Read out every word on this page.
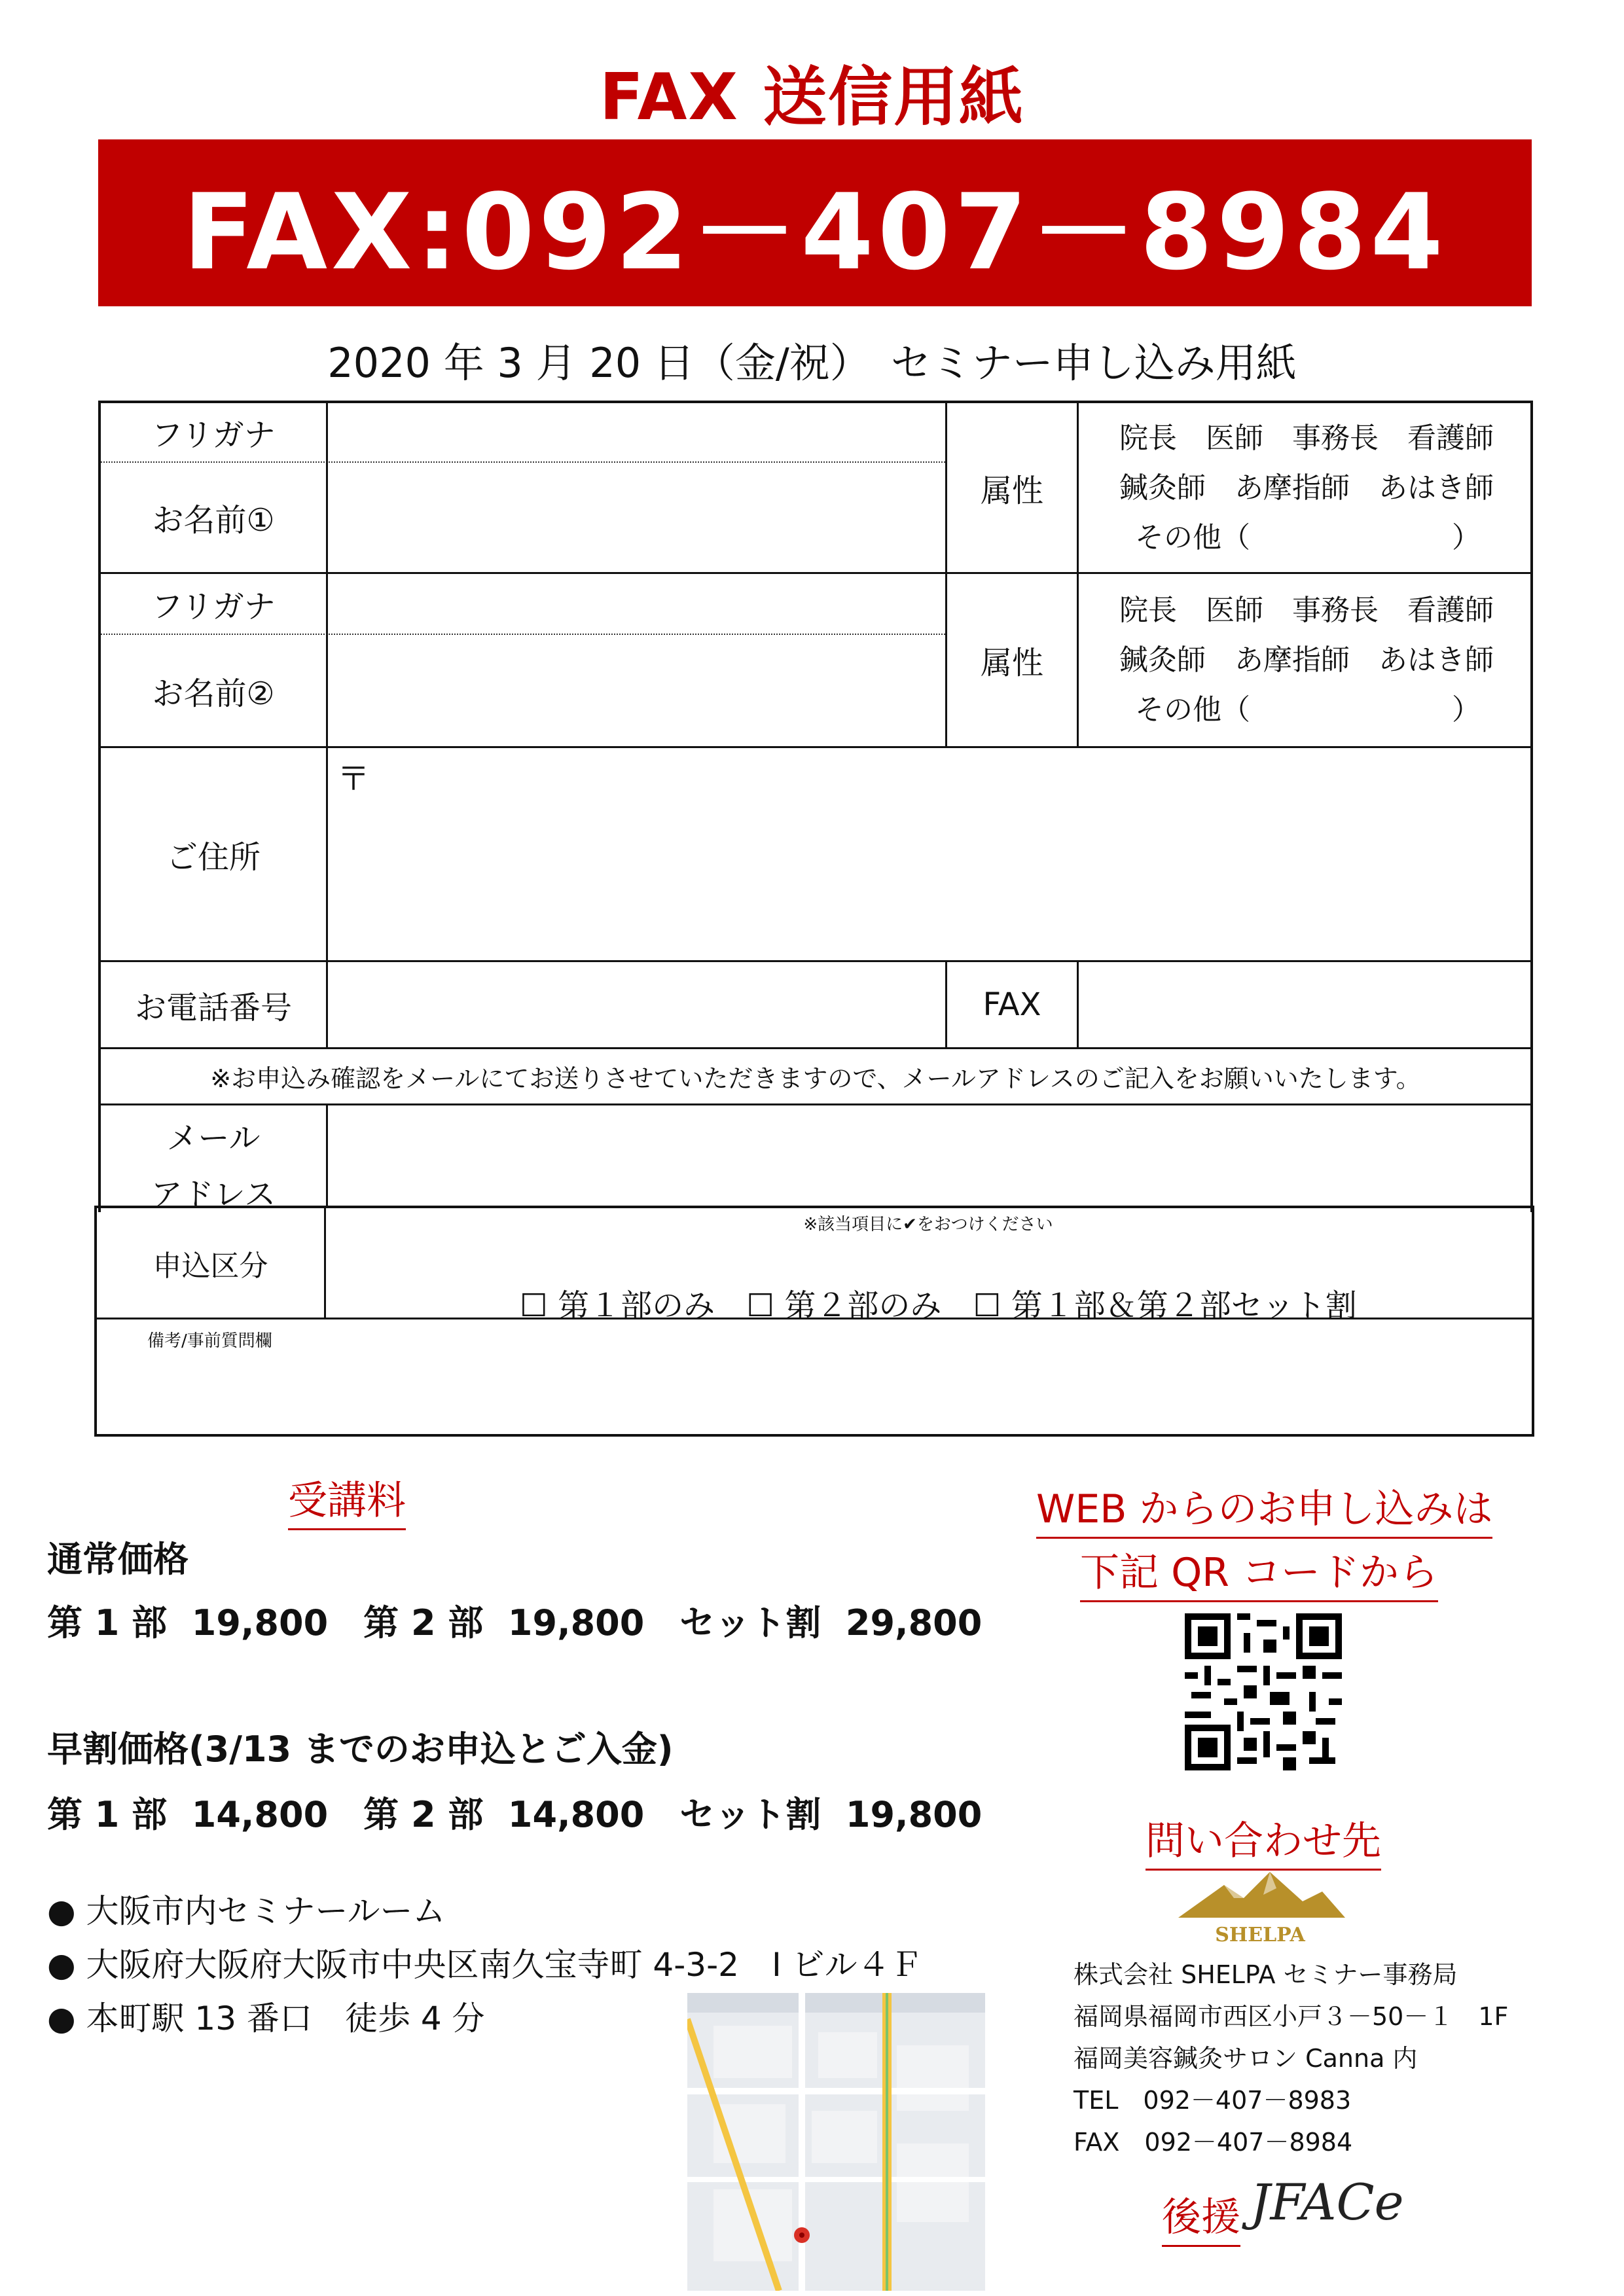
FAX 送信用紙
FAX:092－407－8984
2020 年 3 月 20 日（金/祝）　セミナー申し込み用紙
フリガナ
お名前①
属性
院長　医師　事務長　看護師
鍼灸師　あ摩指師　あはき師
その他（　　　　　　　）
フリガナ
お名前②
属性
院長　医師　事務長　看護師
鍼灸師　あ摩指師　あはき師
その他（　　　　　　　）
ご住所
〒
お電話番号	FAX
※お申込み確認をメールにてお送りさせていただきますので、メールアドレスのご記入をお願いいたします。
メール
アドレス
申込区分
※該当項目に✔をおつけください

☐ 第１部のみ　 ☐ 第２部のみ　 ☐ 第１部＆第２部セット割

備考/事前質問欄
受講料
通常価格
第 1 部  19,800　第 2 部  19,800　セット割  29,800
早割価格(3/13 までのお申込とご入金)
第 1 部  14,800　第 2 部  14,800　セット割  19,800
● 大阪市内セミナールーム
● 大阪府大阪府大阪市中央区南久宝寺町 4-3-2　I ビル４Ｆ
● 本町駅 13 番口　徒歩 4 分
WEB からのお申し込みは
下記 QR コードから
問い合わせ先
SHELPA
株式会社 SHELPA セミナー事務局
福岡県福岡市西区小戸３－50－１　1F
福岡美容鍼灸サロン Canna 内
TEL　092－407－8983
FAX　092－407－8984
後援 JFACe
